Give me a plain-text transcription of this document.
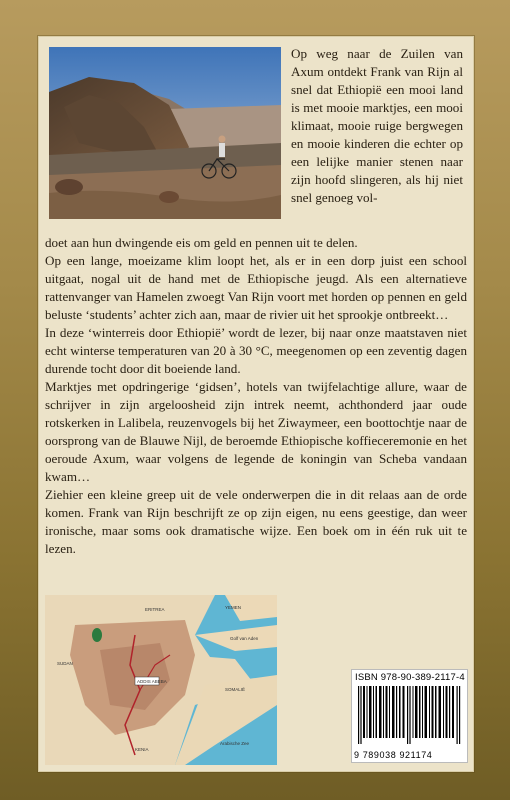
Op weg naar de Zuilen van Axum ontdekt Frank van Rijn al snel dat Ethiopië een mooi land is met mooie marktjes, een mooi klimaat, mooie ruige bergwegen en mooie kinderen die echter op een lelijke manier stenen naar zijn hoofd slingeren, als hij niet snel genoeg vol-

doet aan hun dwingende eis om geld en pennen uit te delen.

Op een lange, moeizame klim loopt het, als er in een dorp juist een school uitgaat, nogal uit de hand met de Ethiopische jeugd. Als een alternatieve rattenvanger van Hamelen zwoegt Van Rijn voort met horden op pennen en geld beluste ‘students’ achter zich aan, maar de rivier uit het sprookje ontbreekt…

In deze ‘winterreis door Ethiopië’ wordt de lezer, bij naar onze maatstaven niet echt winterse temperaturen van 20 à 30 °C, meegenomen op een zeventig dagen durende tocht door dit boeiende land.

Marktjes met opdringerige ‘gidsen’, hotels van twijfelachtige allure, waar de schrijver in zijn argeloosheid zijn intrek neemt, achthonderd jaar oude rotskerken in Lalibela, reuzenvogels bij het Ziwaymeer, een boottochtje naar de oorsprong van de Blauwe Nijl, de beroemde Ethiopische koffieceremonie en het oeroude Axum, waar volgens de legende de koningin van Scheba vandaan kwam…

Ziehier een kleine greep uit de vele onderwerpen die in dit relaas aan de orde komen. Frank van Rijn beschrijft ze op zijn eigen, nu eens geestige, dan weer ironische, maar soms ook dramatische wijze. Een boek om in één ruk uit te lezen.

ERITREA	YEMEN
Golf van Aden
SOMALIË
ADDIS ABEBA
KENIA
SUDAN
Arabische Zee
ISBN 978-90-389-2117-4
9 789038 921174
